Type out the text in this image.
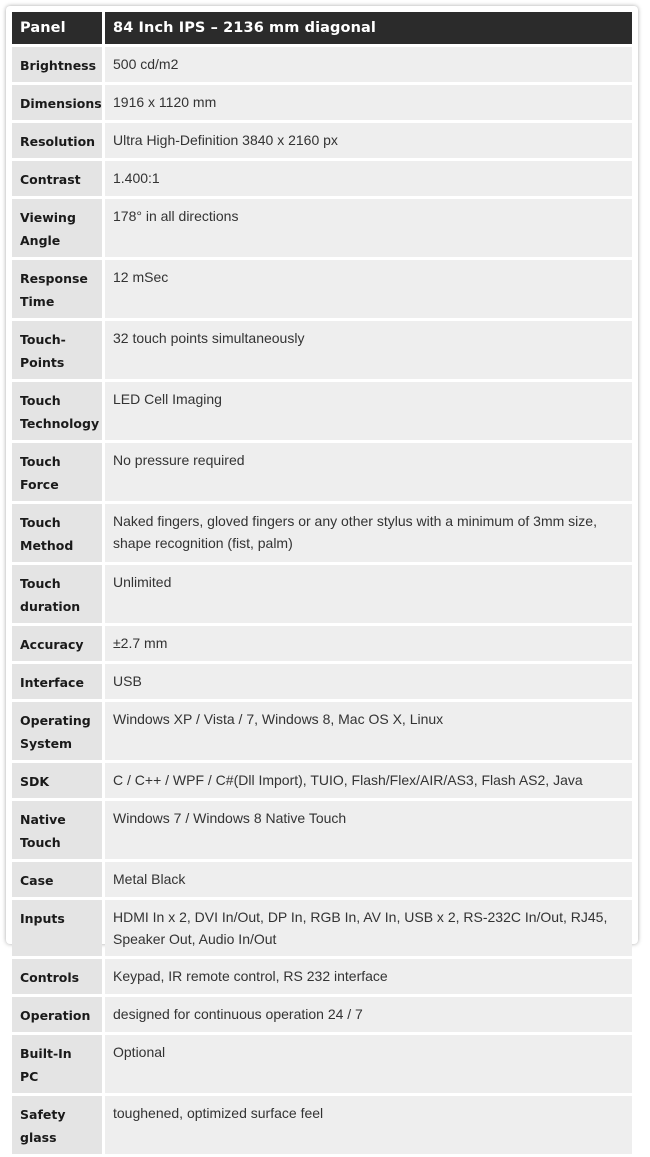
Panel	84 Inch IPS – 2136 mm diagonal
Brightness	500 cd/m2
Dimensions	1916 x 1120 mm
Resolution	Ultra High-Definition 3840 x 2160 px
Contrast	1.400:1
Viewing Angle	178° in all directions
Response Time	12 mSec
Touch-Points	32 touch points simultaneously
Touch Technology	LED Cell Imaging
Touch Force	No pressure required
Touch Method	Naked fingers, gloved fingers or any other stylus with a minimum of 3mm size, shape recognition (fist, palm)
Touch duration	Unlimited
Accuracy	±2.7 mm
Interface	USB
Operating System	Windows XP / Vista / 7, Windows 8, Mac OS X, Linux
SDK	C / C++ / WPF / C#(Dll Import), TUIO, Flash/Flex/AIR/AS3, Flash AS2, Java
Native Touch	Windows 7 / Windows 8 Native Touch
Case	Metal Black
Inputs	HDMI In x 2, DVI In/Out, DP In, RGB In, AV In, USB x 2, RS-232C In/Out, RJ45, Speaker Out, Audio In/Out
Controls	Keypad, IR remote control, RS 232 interface
Operation	designed for continuous operation 24 / 7
Built-In PC	Optional
Safety glass	toughened, optimized surface feel
